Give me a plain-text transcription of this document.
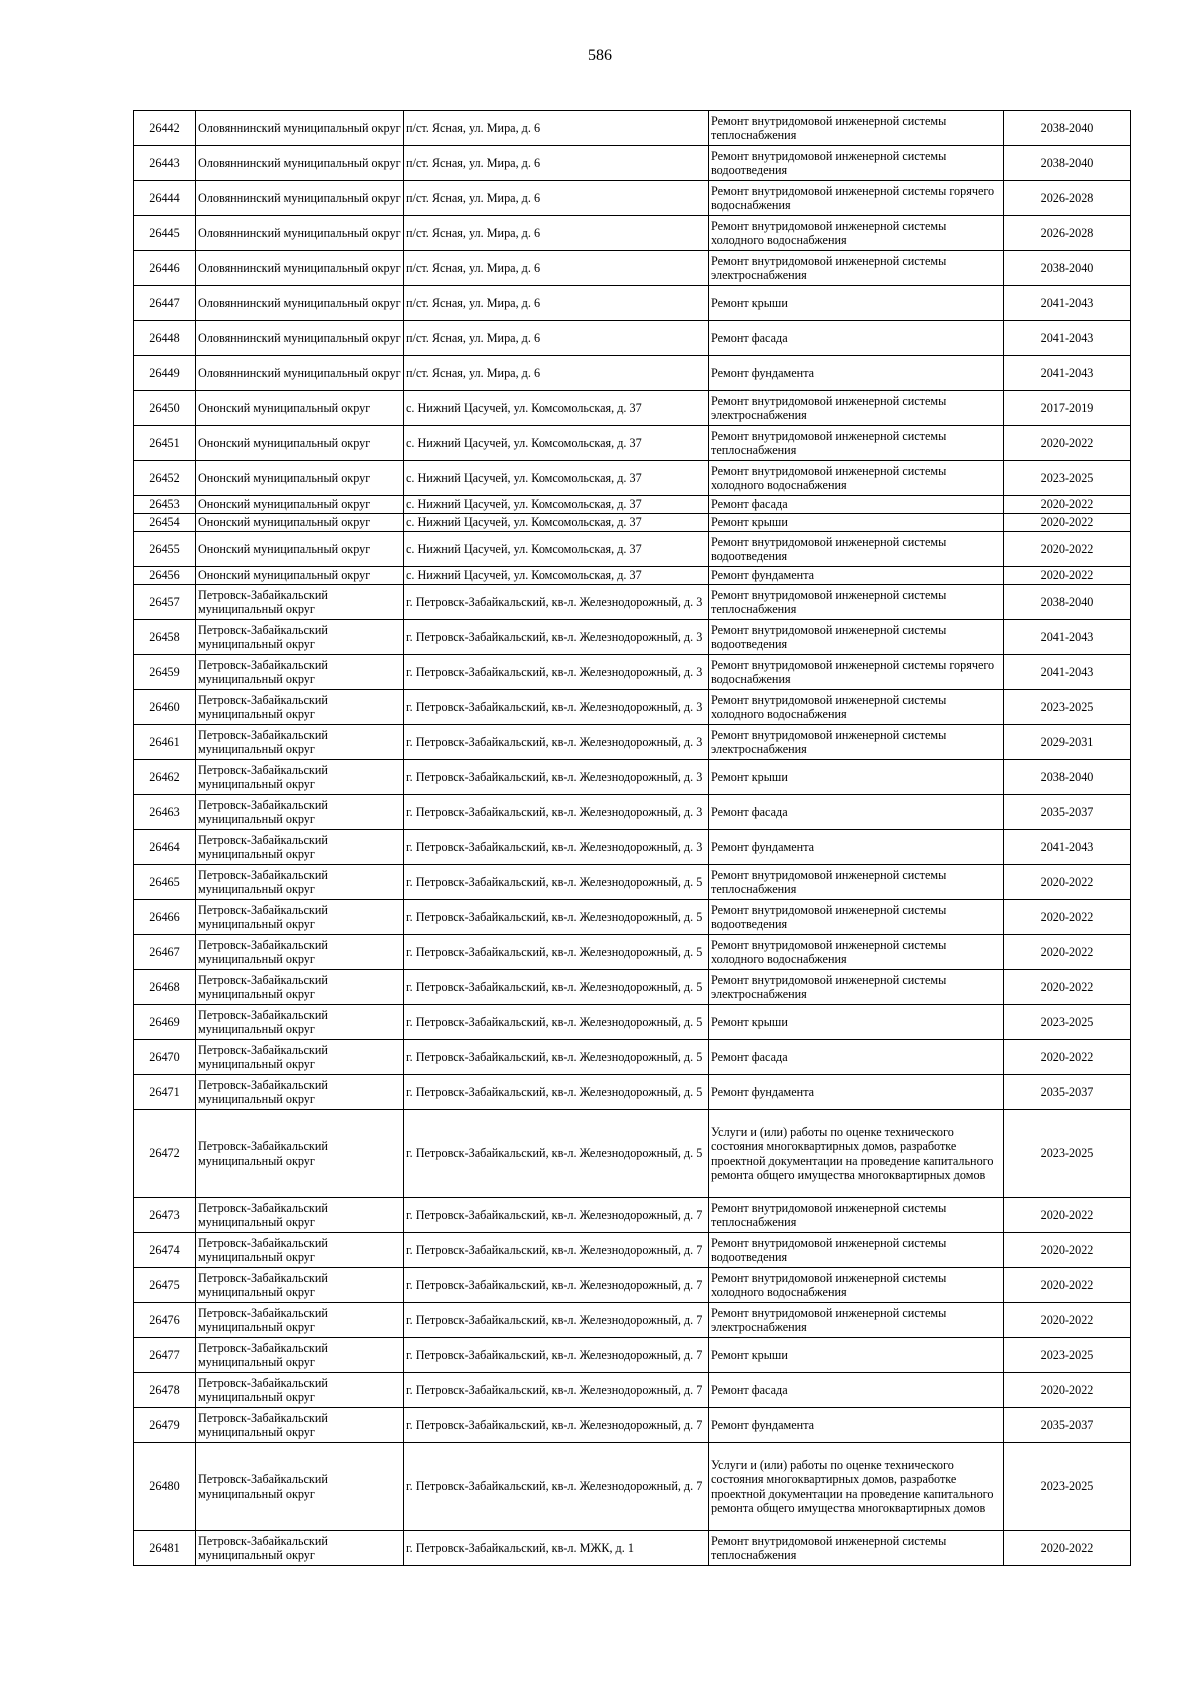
586
26442	Оловяннинский муниципальный округ	п/ст. Ясная, ул. Мира, д. 6	Ремонт внутридомовой инженерной системы теплоснабжения	2038-2040
26443	Оловяннинский муниципальный округ	п/ст. Ясная, ул. Мира, д. 6	Ремонт внутридомовой инженерной системы водоотведения	2038-2040
26444	Оловяннинский муниципальный округ	п/ст. Ясная, ул. Мира, д. 6	Ремонт внутридомовой инженерной системы горячего водоснабжения	2026-2028
26445	Оловяннинский муниципальный округ	п/ст. Ясная, ул. Мира, д. 6	Ремонт внутридомовой инженерной системы холодного водоснабжения	2026-2028
26446	Оловяннинский муниципальный округ	п/ст. Ясная, ул. Мира, д. 6	Ремонт внутридомовой инженерной системы электроснабжения	2038-2040
26447	Оловяннинский муниципальный округ	п/ст. Ясная, ул. Мира, д. 6	Ремонт крыши	2041-2043
26448	Оловяннинский муниципальный округ	п/ст. Ясная, ул. Мира, д. 6	Ремонт фасада	2041-2043
26449	Оловяннинский муниципальный округ	п/ст. Ясная, ул. Мира, д. 6	Ремонт фундамента	2041-2043
26450	Ононский муниципальный округ	с. Нижний Цасучей, ул. Комсомольская, д. 37	Ремонт внутридомовой инженерной системы электроснабжения	2017-2019
26451	Ононский муниципальный округ	с. Нижний Цасучей, ул. Комсомольская, д. 37	Ремонт внутридомовой инженерной системы теплоснабжения	2020-2022
26452	Ононский муниципальный округ	с. Нижний Цасучей, ул. Комсомольская, д. 37	Ремонт внутридомовой инженерной системы холодного водоснабжения	2023-2025
26453	Ононский муниципальный округ	с. Нижний Цасучей, ул. Комсомольская, д. 37	Ремонт фасада	2020-2022
26454	Ононский муниципальный округ	с. Нижний Цасучей, ул. Комсомольская, д. 37	Ремонт крыши	2020-2022
26455	Ононский муниципальный округ	с. Нижний Цасучей, ул. Комсомольская, д. 37	Ремонт внутридомовой инженерной системы водоотведения	2020-2022
26456	Ононский муниципальный округ	с. Нижний Цасучей, ул. Комсомольская, д. 37	Ремонт фундамента	2020-2022
26457	Петровск-Забайкальский муниципальный округ	г. Петровск-Забайкальский, кв-л. Железнодорожный, д. 3	Ремонт внутридомовой инженерной системы теплоснабжения	2038-2040
26458	Петровск-Забайкальский муниципальный округ	г. Петровск-Забайкальский, кв-л. Железнодорожный, д. 3	Ремонт внутридомовой инженерной системы водоотведения	2041-2043
26459	Петровск-Забайкальский муниципальный округ	г. Петровск-Забайкальский, кв-л. Железнодорожный, д. 3	Ремонт внутридомовой инженерной системы горячего водоснабжения	2041-2043
26460	Петровск-Забайкальский муниципальный округ	г. Петровск-Забайкальский, кв-л. Железнодорожный, д. 3	Ремонт внутридомовой инженерной системы холодного водоснабжения	2023-2025
26461	Петровск-Забайкальский муниципальный округ	г. Петровск-Забайкальский, кв-л. Железнодорожный, д. 3	Ремонт внутридомовой инженерной системы электроснабжения	2029-2031
26462	Петровск-Забайкальский муниципальный округ	г. Петровск-Забайкальский, кв-л. Железнодорожный, д. 3	Ремонт крыши	2038-2040
26463	Петровск-Забайкальский муниципальный округ	г. Петровск-Забайкальский, кв-л. Железнодорожный, д. 3	Ремонт фасада	2035-2037
26464	Петровск-Забайкальский муниципальный округ	г. Петровск-Забайкальский, кв-л. Железнодорожный, д. 3	Ремонт фундамента	2041-2043
26465	Петровск-Забайкальский муниципальный округ	г. Петровск-Забайкальский, кв-л. Железнодорожный, д. 5	Ремонт внутридомовой инженерной системы теплоснабжения	2020-2022
26466	Петровск-Забайкальский муниципальный округ	г. Петровск-Забайкальский, кв-л. Железнодорожный, д. 5	Ремонт внутридомовой инженерной системы водоотведения	2020-2022
26467	Петровск-Забайкальский муниципальный округ	г. Петровск-Забайкальский, кв-л. Железнодорожный, д. 5	Ремонт внутридомовой инженерной системы холодного водоснабжения	2020-2022
26468	Петровск-Забайкальский муниципальный округ	г. Петровск-Забайкальский, кв-л. Железнодорожный, д. 5	Ремонт внутридомовой инженерной системы электроснабжения	2020-2022
26469	Петровск-Забайкальский муниципальный округ	г. Петровск-Забайкальский, кв-л. Железнодорожный, д. 5	Ремонт крыши	2023-2025
26470	Петровск-Забайкальский муниципальный округ	г. Петровск-Забайкальский, кв-л. Железнодорожный, д. 5	Ремонт фасада	2020-2022
26471	Петровск-Забайкальский муниципальный округ	г. Петровск-Забайкальский, кв-л. Железнодорожный, д. 5	Ремонт фундамента	2035-2037
26472	Петровск-Забайкальский муниципальный округ	г. Петровск-Забайкальский, кв-л. Железнодорожный, д. 5	Услуги и (или) работы по оценке технического состояния многоквартирных домов, разработке проектной документации на проведение капитального ремонта общего имущества многоквартирных домов	2023-2025
26473	Петровск-Забайкальский муниципальный округ	г. Петровск-Забайкальский, кв-л. Железнодорожный, д. 7	Ремонт внутридомовой инженерной системы теплоснабжения	2020-2022
26474	Петровск-Забайкальский муниципальный округ	г. Петровск-Забайкальский, кв-л. Железнодорожный, д. 7	Ремонт внутридомовой инженерной системы водоотведения	2020-2022
26475	Петровск-Забайкальский муниципальный округ	г. Петровск-Забайкальский, кв-л. Железнодорожный, д. 7	Ремонт внутридомовой инженерной системы холодного водоснабжения	2020-2022
26476	Петровск-Забайкальский муниципальный округ	г. Петровск-Забайкальский, кв-л. Железнодорожный, д. 7	Ремонт внутридомовой инженерной системы электроснабжения	2020-2022
26477	Петровск-Забайкальский муниципальный округ	г. Петровск-Забайкальский, кв-л. Железнодорожный, д. 7	Ремонт крыши	2023-2025
26478	Петровск-Забайкальский муниципальный округ	г. Петровск-Забайкальский, кв-л. Железнодорожный, д. 7	Ремонт фасада	2020-2022
26479	Петровск-Забайкальский муниципальный округ	г. Петровск-Забайкальский, кв-л. Железнодорожный, д. 7	Ремонт фундамента	2035-2037
26480	Петровск-Забайкальский муниципальный округ	г. Петровск-Забайкальский, кв-л. Железнодорожный, д. 7	Услуги и (или) работы по оценке технического состояния многоквартирных домов, разработке проектной документации на проведение капитального ремонта общего имущества многоквартирных домов	2023-2025
26481	Петровск-Забайкальский муниципальный округ	г. Петровск-Забайкальский, кв-л. МЖК, д. 1	Ремонт внутридомовой инженерной системы теплоснабжения	2020-2022
